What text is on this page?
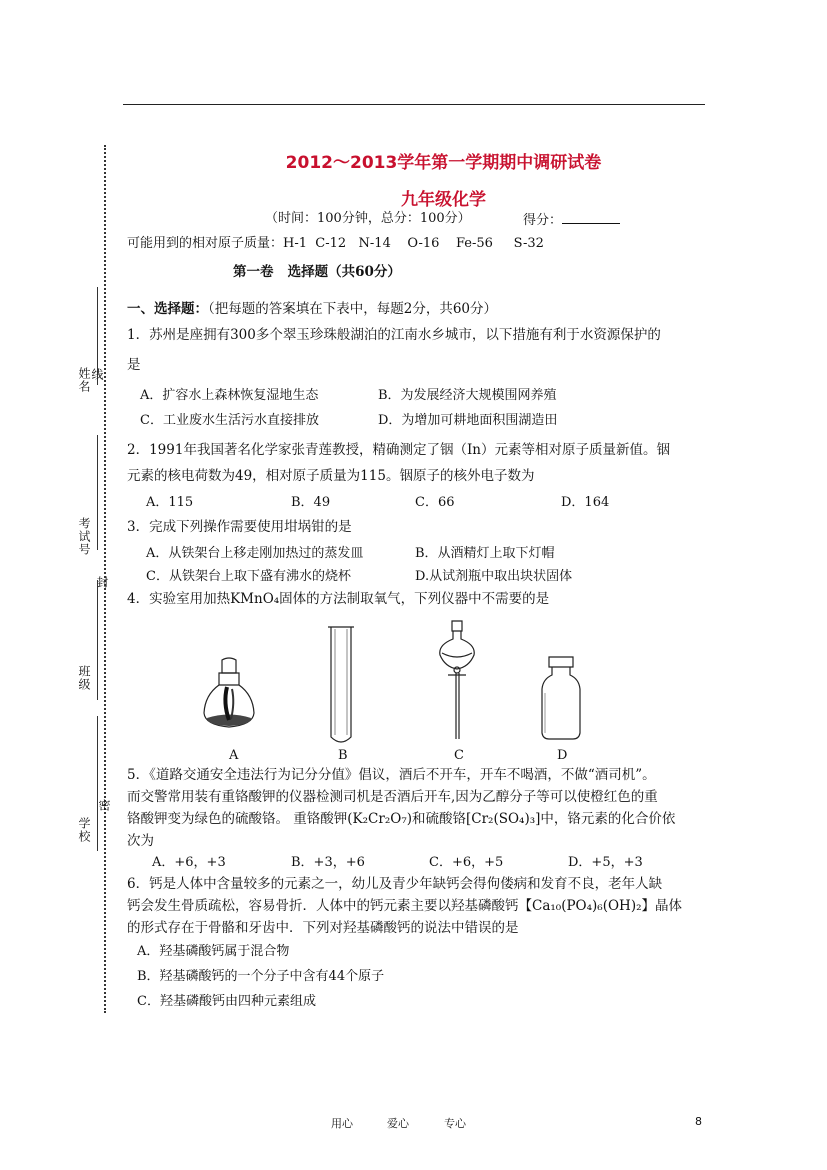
姓名 线
考试号
封
班级
学校
密
2012～2013学年第一学期期中调研试卷
九年级化学
（时间：100分钟，总分：100分）	得分：
可能用到的相对原子质量：H-1  C-12   N-14    O-16    Fe-56     S-32
第一卷   选择题（共60分）
一、选择题：（把每题的答案填在下表中，每题2分，共60分）
1．苏州是座拥有300多个翠玉珍珠般湖泊的江南水乡城市，以下措施有利于水资源保护的
是
A．扩容水上森林恢复湿地生态	B．为发展经济大规模围网养殖
C．工业废水生活污水直接排放	D．为增加可耕地面积围湖造田
2．1991年我国著名化学家张青莲教授，精确测定了铟（In）元素等相对原子质量新值。铟
元素的核电荷数为49，相对原子质量为115。铟原子的核外电子数为
A．115	B．49	C．66	D．164
3．完成下列操作需要使用坩埚钳的是
A．从铁架台上移走刚加热过的蒸发皿	B．从酒精灯上取下灯帽
C．从铁架台上取下盛有沸水的烧杯	D.从试剂瓶中取出块状固体
4．实验室用加热KMnO₄固体的方法制取氧气，下列仪器中不需要的是
A	B	C	D
5．《道路交通安全违法行为记分分值》倡议，酒后不开车，开车不喝酒，不做“酒司机”。
而交警常用装有重铬酸钾的仪器检测司机是否酒后开车,因为乙醇分子等可以使橙红色的重
铬酸钾变为绿色的硫酸铬。 重铬酸钾(K₂Cr₂O₇)和硫酸铬[Cr₂(SO₄)₃]中，铬元素的化合价依
次为
A．+6，+3	B．+3，+6	C．+6，+5	D．+5，+3
6．钙是人体中含量较多的元素之一，幼儿及青少年缺钙会得佝偻病和发育不良，老年人缺
钙会发生骨质疏松，容易骨折．人体中的钙元素主要以羟基磷酸钙【Ca₁₀(PO₄)₆(OH)₂】晶体
的形式存在于骨骼和牙齿中．下列对羟基磷酸钙的说法中错误的是
A．羟基磷酸钙属于混合物
B．羟基磷酸钙的一个分子中含有44个原子
C．羟基磷酸钙由四种元素组成
用心	爱心	专心	8
